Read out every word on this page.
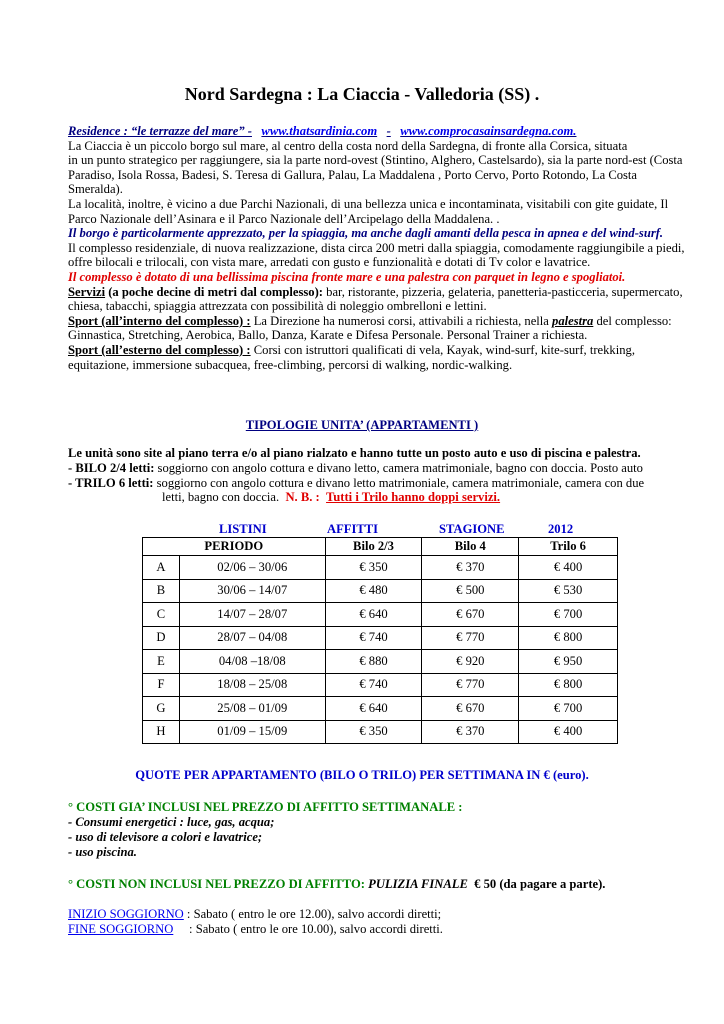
Nord Sardegna : La Ciaccia - Valledoria (SS) .

Residence : “le terrazze del mare” - www.thatsardinia.com - www.comprocasainsardegna.com.

La Ciaccia è un piccolo borgo sul mare, al centro della costa nord della Sardegna, di fronte alla Corsica, situata

in un punto strategico per raggiungere, sia la parte nord-ovest (Stintino, Alghero, Castelsardo), sia la parte nord-est (Costa Paradiso, Isola Rossa, Badesi, S. Teresa di Gallura, Palau, La Maddalena , Porto Cervo, Porto Rotondo, La Costa Smeralda).

La località, inoltre, è vicino a due Parchi Nazionali, di una bellezza unica e incontaminata, visitabili con gite guidate, Il Parco Nazionale dell’Asinara e il Parco Nazionale dell’Arcipelago della Maddalena. .

Il borgo è particolarmente apprezzato, per la spiaggia, ma anche dagli amanti della pesca in apnea e del wind-surf.

Il complesso residenziale, di nuova realizzazione, dista circa 200 metri dalla spiaggia, comodamente raggiungibile a piedi, offre bilocali e trilocali, con vista mare, arredati con gusto e funzionalità e dotati di Tv color e lavatrice.

Il complesso è dotato di una bellissima piscina fronte mare e una palestra con parquet in legno e spogliatoi.

Servizi (a poche decine di metri dal complesso): bar, ristorante, pizzeria, gelateria, panetteria-pasticceria, supermercato, chiesa, tabacchi, spiaggia attrezzata con possibilità di noleggio ombrelloni e lettini.

Sport (all’interno del complesso) : La Direzione ha numerosi corsi, attivabili a richiesta, nella palestra del complesso: Ginnastica, Stretching, Aerobica, Ballo, Danza, Karate e Difesa Personale. Personal Trainer a richiesta.

Sport (all’esterno del complesso) : Corsi con istruttori qualificati di vela, Kayak, wind-surf, kite-surf, trekking, equitazione, immersione subacquea, free-climbing, percorsi di walking, nordic-walking.

TIPOLOGIE UNITA’ (APPARTAMENTI )

Le unità sono site al piano terra e/o al piano rialzato e hanno tutte un posto auto e uso di piscina e palestra.

- BILO 2/4 letti: soggiorno con angolo cottura e divano letto, camera matrimoniale, bagno con doccia. Posto auto

- TRILO 6 letti: soggiorno con angolo cottura e divano letto matrimoniale, camera matrimoniale, camera con due

letti, bagno con doccia. N. B. : Tutti i Trilo hanno doppi servizi.

LISTINI	AFFITTI	STAGIONE	2012
PERIODO		Bilo 2/3	Bilo 4	Trilo 6
A	02/06 – 30/06	€ 350	€ 370	€ 400
B	30/06 – 14/07	€ 480	€ 500	€ 530
C	14/07 – 28/07	€ 640	€ 670	€ 700
D	28/07 – 04/08	€ 740	€ 770	€ 800
E	04/08 –18/08	€ 880	€ 920	€ 950
F	18/08 – 25/08	€ 740	€ 770	€ 800
G	25/08 – 01/09	€ 640	€ 670	€ 700
H	01/09 – 15/09	€ 350	€ 370	€ 400
QUOTE PER APPARTAMENTO (BILO O TRILO) PER SETTIMANA IN € (euro).

° COSTI GIA’ INCLUSI NEL PREZZO DI AFFITTO SETTIMANALE :

- Consumi energetici : luce, gas, acqua;

- uso di televisore a colori e lavatrice;

- uso piscina.

° COSTI NON INCLUSI NEL PREZZO DI AFFITTO: PULIZIA FINALE € 50 (da pagare a parte).

INIZIO SOGGIORNO : Sabato ( entro le ore 12.00), salvo accordi diretti;

FINE SOGGIORNO     : Sabato ( entro le ore 10.00), salvo accordi diretti.
